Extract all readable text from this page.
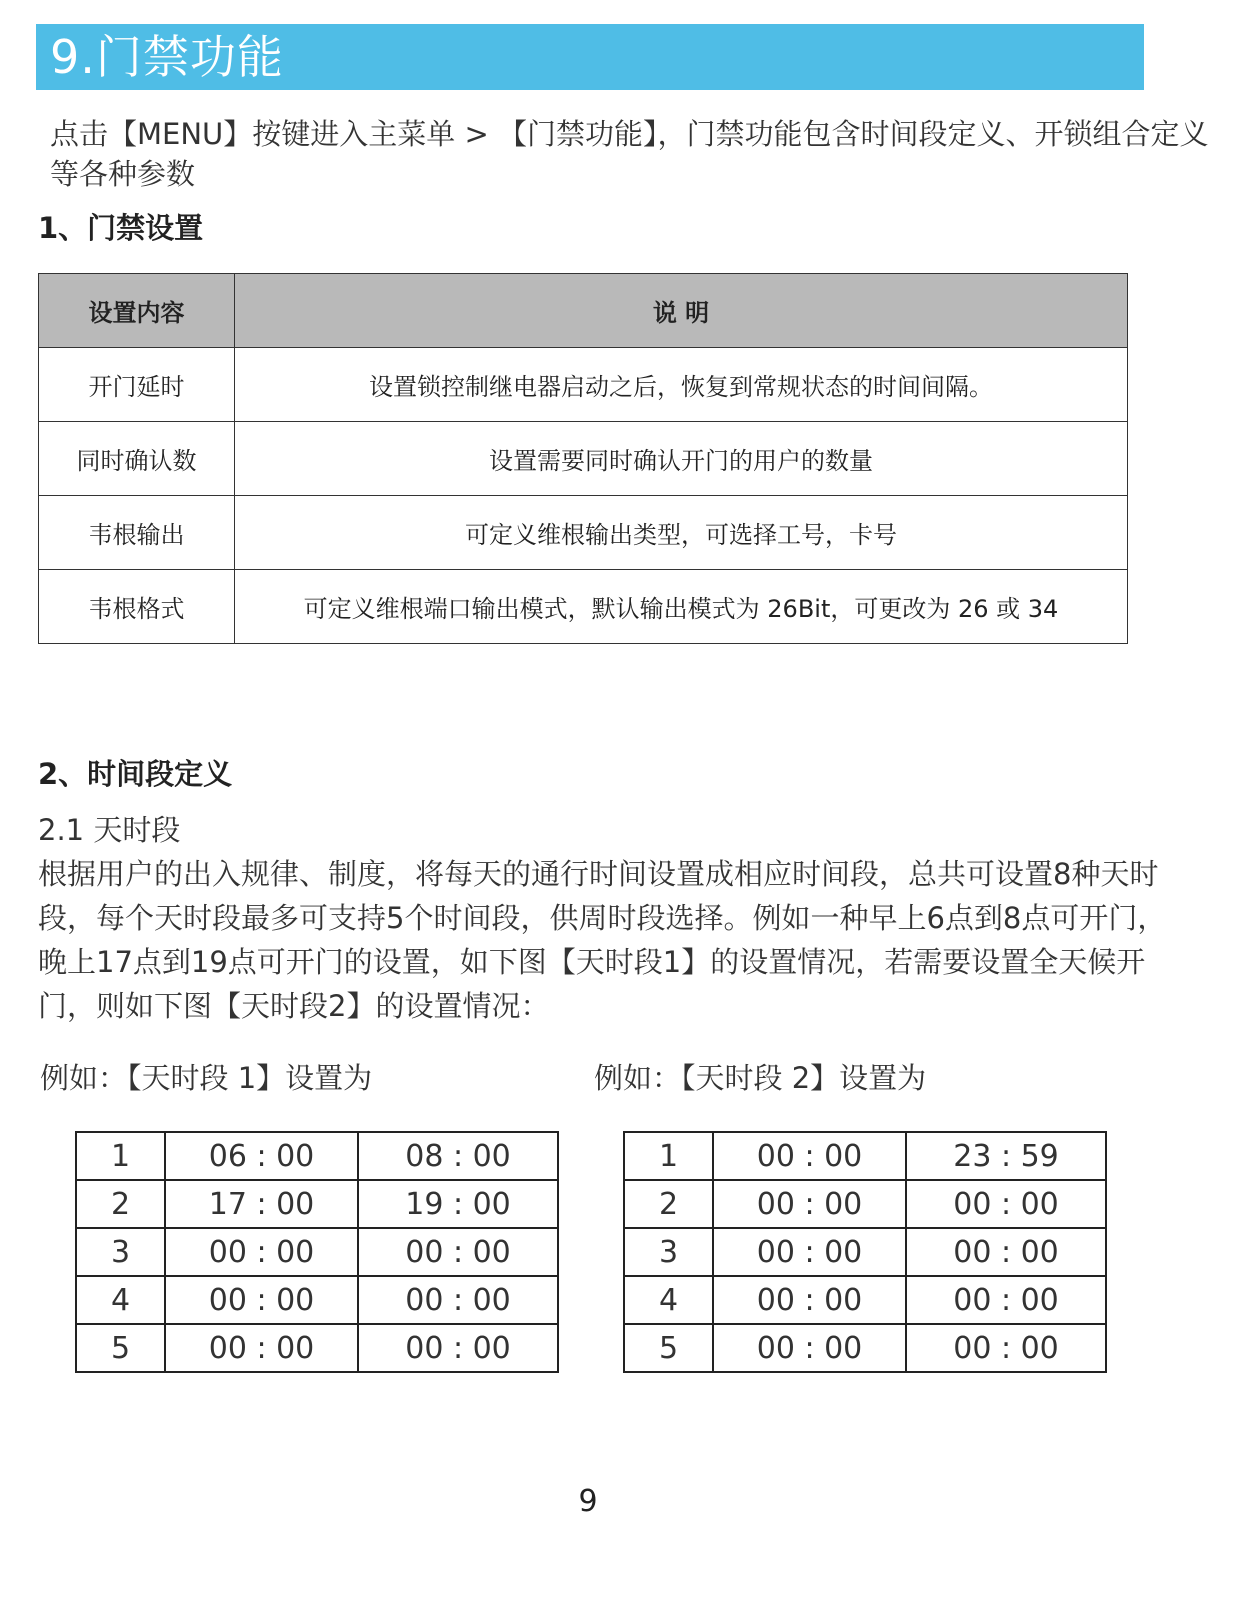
9.门禁功能
点击【MENU】按键进入主菜单 > 【门禁功能】，门禁功能包含时间段定义、开锁组合定义等各种参数
1、门禁设置
设置内容	说 明
开门延时	设置锁控制继电器启动之后，恢复到常规状态的时间间隔。
同时确认数	设置需要同时确认开门的用户的数量
韦根输出	可定义维根输出类型，可选择工号，卡号
韦根格式	可定义维根端口输出模式，默认输出模式为 26Bit，可更改为 26 或 34
2、时间段定义
2.1 天时段
根据用户的出入规律、制度，将每天的通行时间设置成相应时间段，总共可设置8种天时段，每个天时段最多可支持5个时间段，供周时段选择。例如一种早上6点到8点可开门，晚上17点到19点可开门的设置，如下图【天时段1】的设置情况，若需要设置全天候开门，则如下图【天时段2】的设置情况：
例如：【天时段 1】设置为	例如：【天时段 2】设置为
1	06 : 00	08 : 00
2	17 : 00	19 : 00
3	00 : 00	00 : 00
4	00 : 00	00 : 00
5	00 : 00	00 : 00
1	00 : 00	23 : 59
2	00 : 00	00 : 00
3	00 : 00	00 : 00
4	00 : 00	00 : 00
5	00 : 00	00 : 00
9
